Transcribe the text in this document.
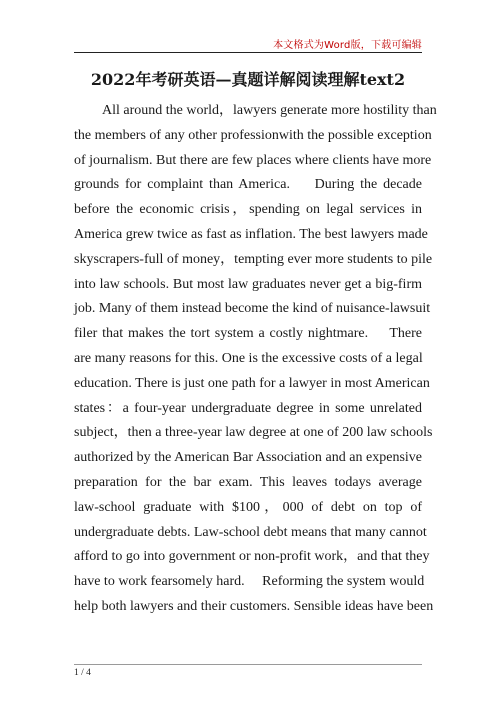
本文格式为Word版，下载可编辑
2022年考研英语—真题详解阅读理解text2
All around the world，lawyers generate more hostility than
the members of any other professionwith the possible exception
of journalism. But there are few places where clients have more
grounds for complaint than America.　 During the decade
before the economic crisis，spending on legal services in
America grew twice as fast as inflation. The best lawyers made
skyscrapers-full of money，tempting ever more students to pile
into law schools. But most law graduates never get a big-firm
job. Many of them instead become the kind of nuisance-lawsuit
filer that makes the tort system a costly nightmare.　 There
are many reasons for this. One is the excessive costs of a legal
education. There is just one path for a lawyer in most American
states：a four-year undergraduate degree in some unrelated
subject，then a three-year law degree at one of 200 law schools
authorized by the American Bar Association and an expensive
preparation for the bar exam. This leaves todays average
law-school graduate with $100，000 of debt on top of
undergraduate debts. Law-school debt means that many cannot
afford to go into government or non-profit work，and that they
have to work fearsomely hard.　 Reforming the system would
help both lawyers and their customers. Sensible ideas have been
1 / 4
